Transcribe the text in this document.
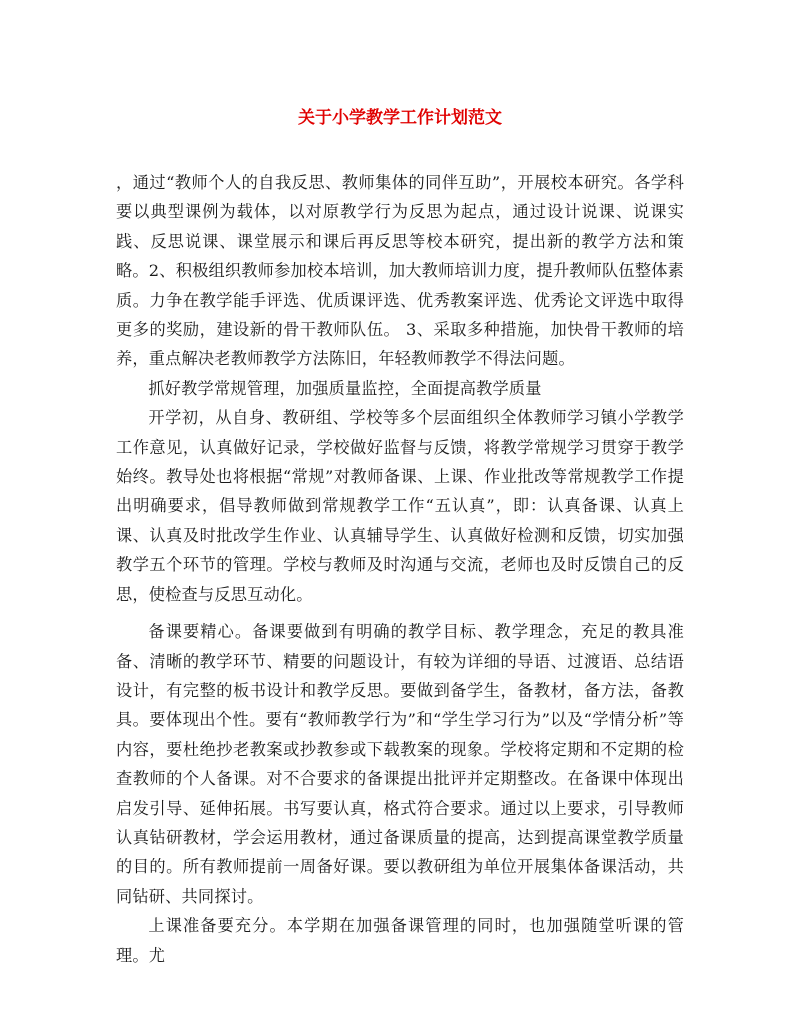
关于小学教学工作计划范文

，通过“教师个人的自我反思、教师集体的同伴互助”，开展校本研究。各学科要以典型课例为载体，以对原教学行为反思为起点，通过设计说课、说课实践、反思说课、课堂展示和课后再反思等校本研究，提出新的教学方法和策略。2、积极组织教师参加校本培训，加大教师培训力度，提升教师队伍整体素质。力争在教学能手评选、优质课评选、优秀教案评选、优秀论文评选中取得更多的奖励，建设新的骨干教师队伍。 3、采取多种措施，加快骨干教师的培养，重点解决老教师教学方法陈旧，年轻教师教学不得法问题。

抓好教学常规管理，加强质量监控，全面提高教学质量

开学初，从自身、教研组、学校等多个层面组织全体教师学习镇小学教学工作意见，认真做好记录，学校做好监督与反馈，将教学常规学习贯穿于教学始终。教导处也将根据“常规”对教师备课、上课、作业批改等常规教学工作提出明确要求，倡导教师做到常规教学工作“五认真”，即：认真备课、认真上课、认真及时批改学生作业、认真辅导学生、认真做好检测和反馈，切实加强教学五个环节的管理。学校与教师及时沟通与交流，老师也及时反馈自己的反思，使检查与反思互动化。

备课要精心。备课要做到有明确的教学目标、教学理念，充足的教具准备、清晰的教学环节、精要的问题设计，有较为详细的导语、过渡语、总结语设计，有完整的板书设计和教学反思。要做到备学生，备教材，备方法，备教具。要体现出个性。要有“教师教学行为”和“学生学习行为”以及“学情分析”等内容，要杜绝抄老教案或抄教参或下载教案的现象。学校将定期和不定期的检查教师的个人备课。对不合要求的备课提出批评并定期整改。在备课中体现出启发引导、延伸拓展。书写要认真，格式符合要求。通过以上要求，引导教师认真钻研教材，学会运用教材，通过备课质量的提高，达到提高课堂教学质量的目的。所有教师提前一周备好课。要以教研组为单位开展集体备课活动，共同钻研、共同探讨。

上课准备要充分。本学期在加强备课管理的同时，也加强随堂听课的管理。尤
